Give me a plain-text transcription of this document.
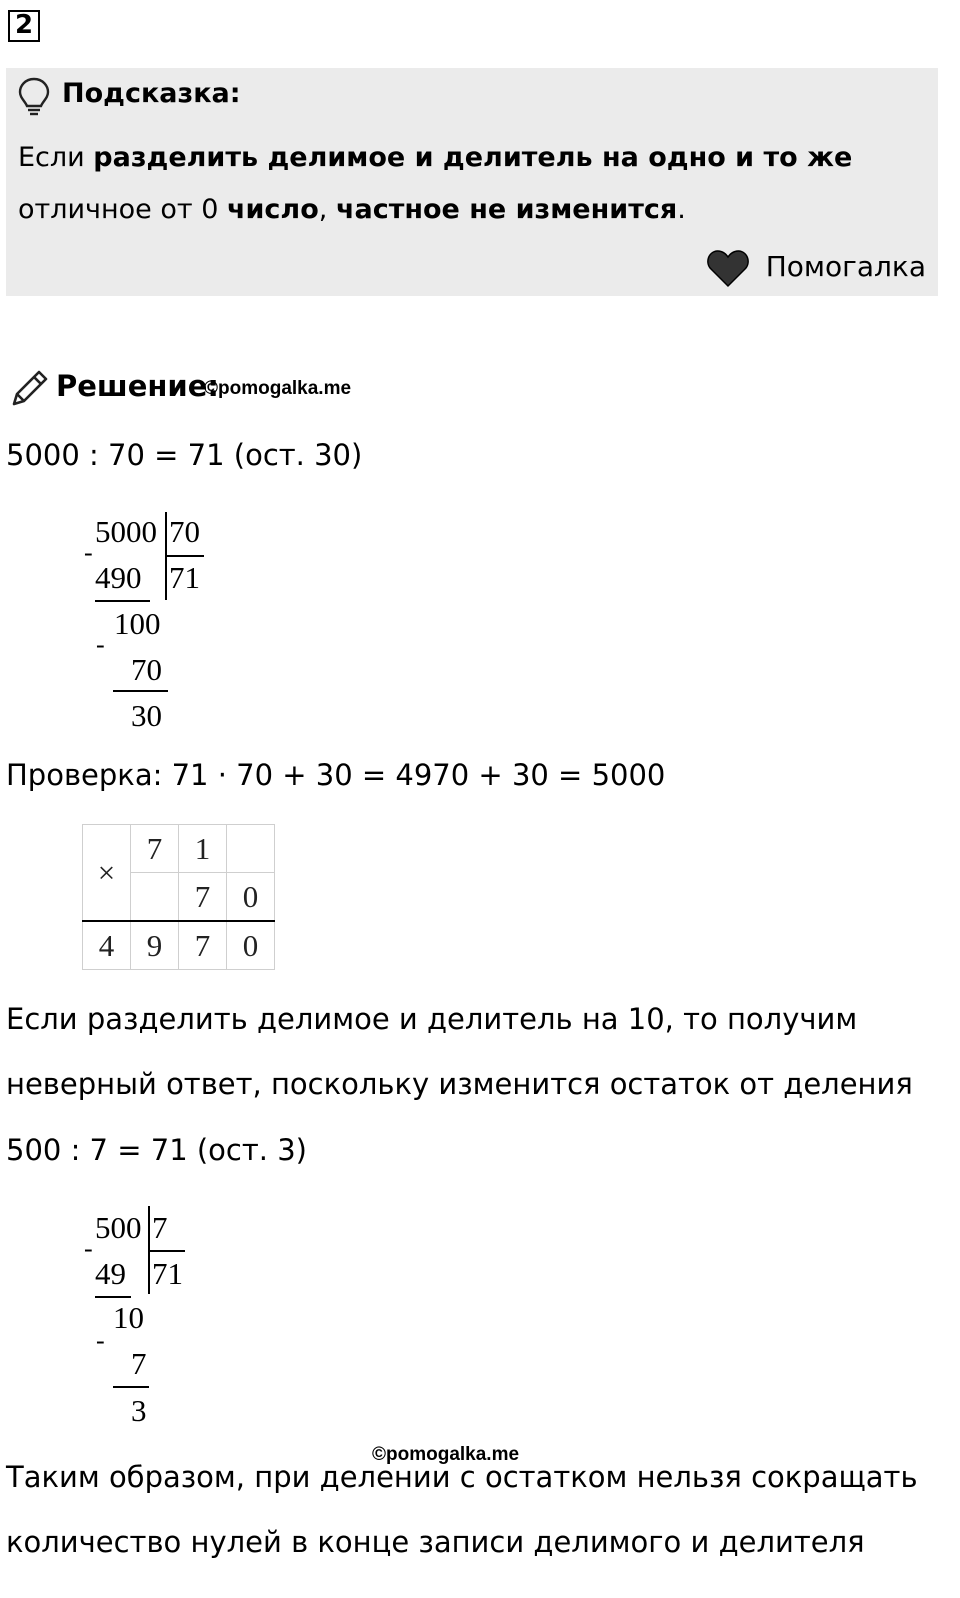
2
Подсказка:
Если разделить делимое и делитель на одно и то же
отличное от 0 число, частное не изменится.
Помогалка
Решение:
©pomogalka.me
5000 : 70 = 71 (ост. 30)
5000 70
-
490 71
100
-
70
30
Проверка: 71 · 70 + 30 = 4970 + 30 = 5000
×	7	1	
		7	0
4	9	7	0
Если разделить делимое и делитель на 10, то получим
неверный ответ, поскольку изменится остаток от деления
500 : 7 = 71 (ост. 3)
500 7
-
49 71
10
-
7
3
©pomogalka.me
Таким образом, при делении с остатком нельзя сокращать
количество нулей в конце записи делимого и делителя
